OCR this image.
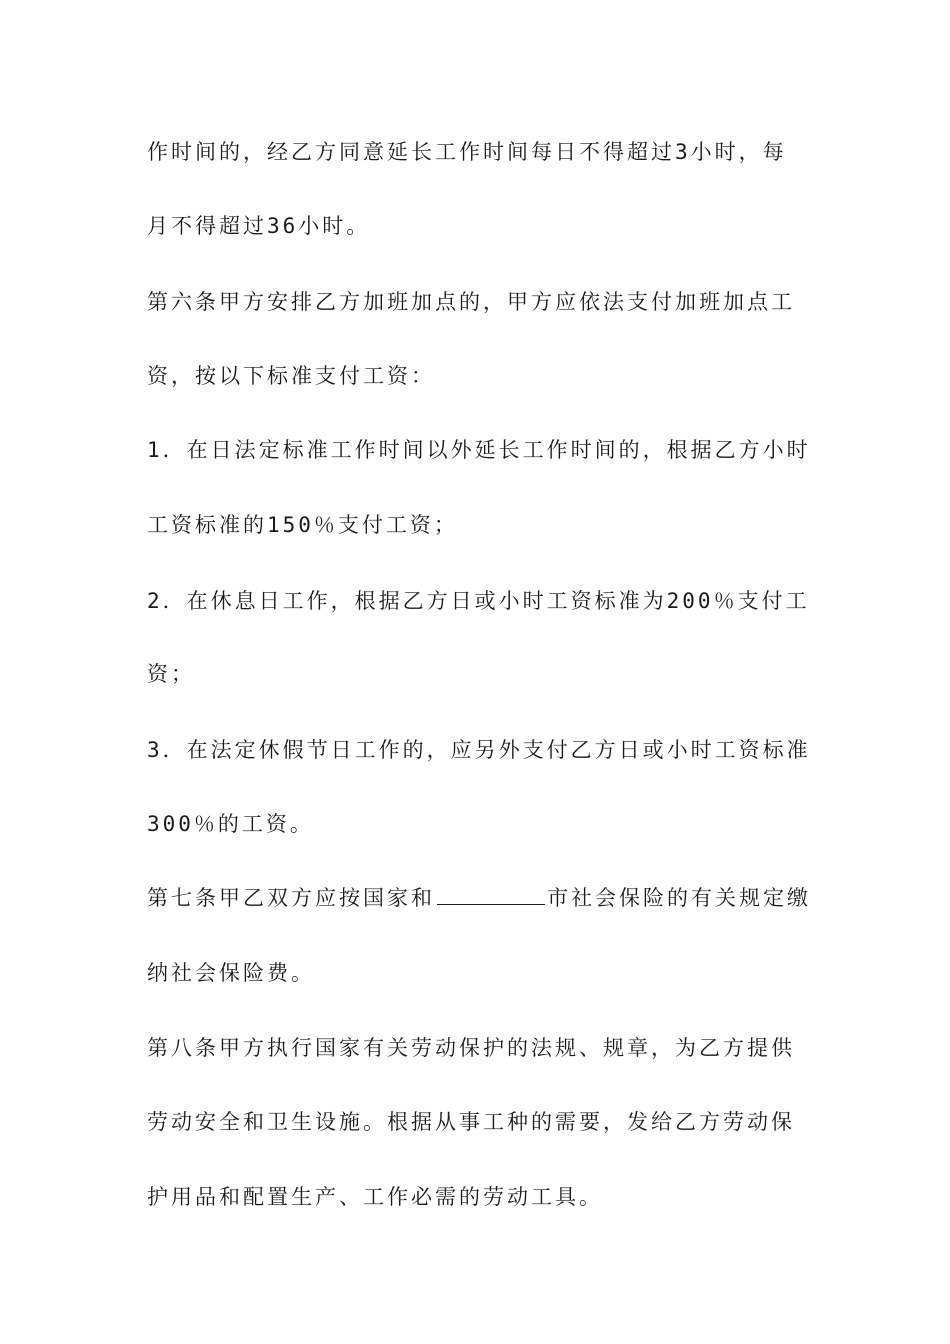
作时间的，经乙方同意延长工作时间每日不得超过3小时，每
月不得超过36小时。
第六条甲方安排乙方加班加点的，甲方应依法支付加班加点工
资，按以下标准支付工资：
1．在日法定标准工作时间以外延长工作时间的，根据乙方小时
工资标准的150％支付工资；
2．在休息日工作，根据乙方日或小时工资标准为200％支付工
资；
3．在法定休假节日工作的，应另外支付乙方日或小时工资标准
300％的工资。
第七条甲乙双方应按国家和	市社会保险的有关规定缴
纳社会保险费。
第八条甲方执行国家有关劳动保护的法规、规章，为乙方提供
劳动安全和卫生设施。根据从事工种的需要，发给乙方劳动保
护用品和配置生产、工作必需的劳动工具。
